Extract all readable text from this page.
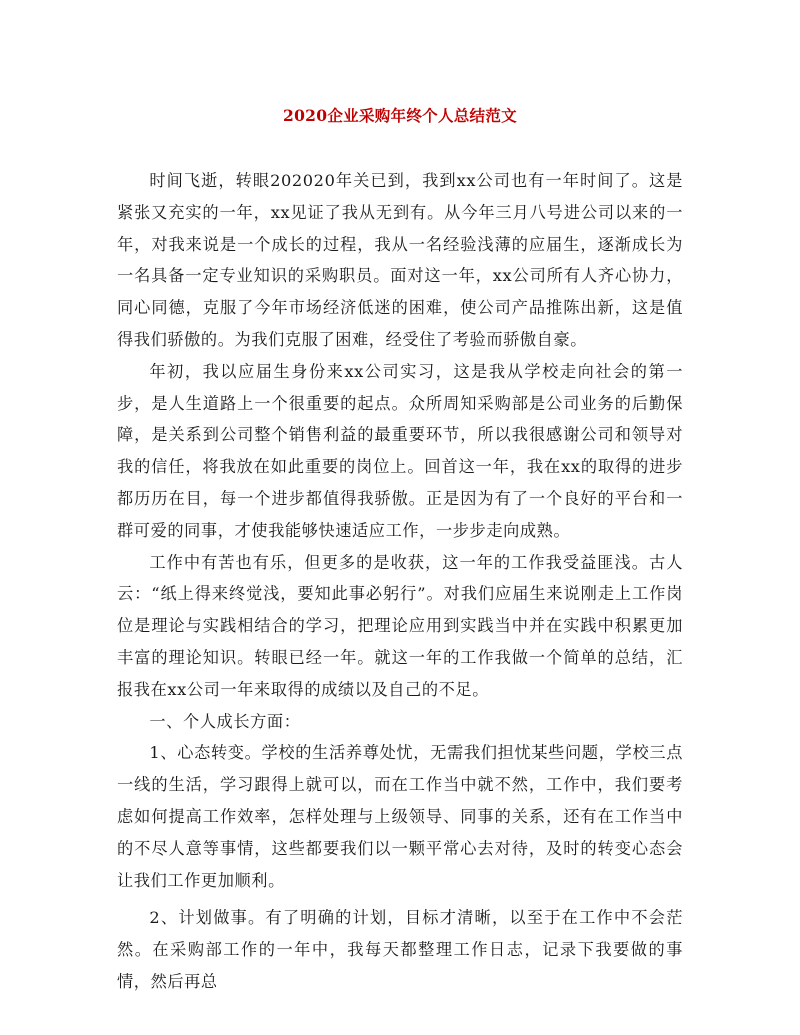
2020企业采购年终个人总结范文

时间飞逝，转眼202020年关已到，我到xx公司也有一年时间了。这是紧张又充实的一年，xx见证了我从无到有。从今年三月八号进公司以来的一年，对我来说是一个成长的过程，我从一名经验浅薄的应届生，逐渐成长为一名具备一定专业知识的采购职员。面对这一年，xx公司所有人齐心协力，同心同德，克服了今年市场经济低迷的困难，使公司产品推陈出新，这是值得我们骄傲的。为我们克服了困难，经受住了考验而骄傲自豪。

年初，我以应届生身份来xx公司实习，这是我从学校走向社会的第一步，是人生道路上一个很重要的起点。众所周知采购部是公司业务的后勤保障，是关系到公司整个销售利益的最重要环节，所以我很感谢公司和领导对我的信任，将我放在如此重要的岗位上。回首这一年，我在xx的取得的进步都历历在目，每一个进步都值得我骄傲。正是因为有了一个良好的平台和一群可爱的同事，才使我能够快速适应工作，一步步走向成熟。

工作中有苦也有乐，但更多的是收获，这一年的工作我受益匪浅。古人云：“纸上得来终觉浅，要知此事必躬行”。对我们应届生来说刚走上工作岗位是理论与实践相结合的学习，把理论应用到实践当中并在实践中积累更加丰富的理论知识。转眼已经一年。就这一年的工作我做一个简单的总结，汇报我在xx公司一年来取得的成绩以及自己的不足。

一、个人成长方面：

1、心态转变。学校的生活养尊处忧，无需我们担忧某些问题，学校三点一线的生活，学习跟得上就可以，而在工作当中就不然，工作中，我们要考虑如何提高工作效率，怎样处理与上级领导、同事的关系，还有在工作当中的不尽人意等事情，这些都要我们以一颗平常心去对待，及时的转变心态会让我们工作更加顺利。

2、计划做事。有了明确的计划，目标才清晰，以至于在工作中不会茫然。在采购部工作的一年中，我每天都整理工作日志，记录下我要做的事情，然后再总
